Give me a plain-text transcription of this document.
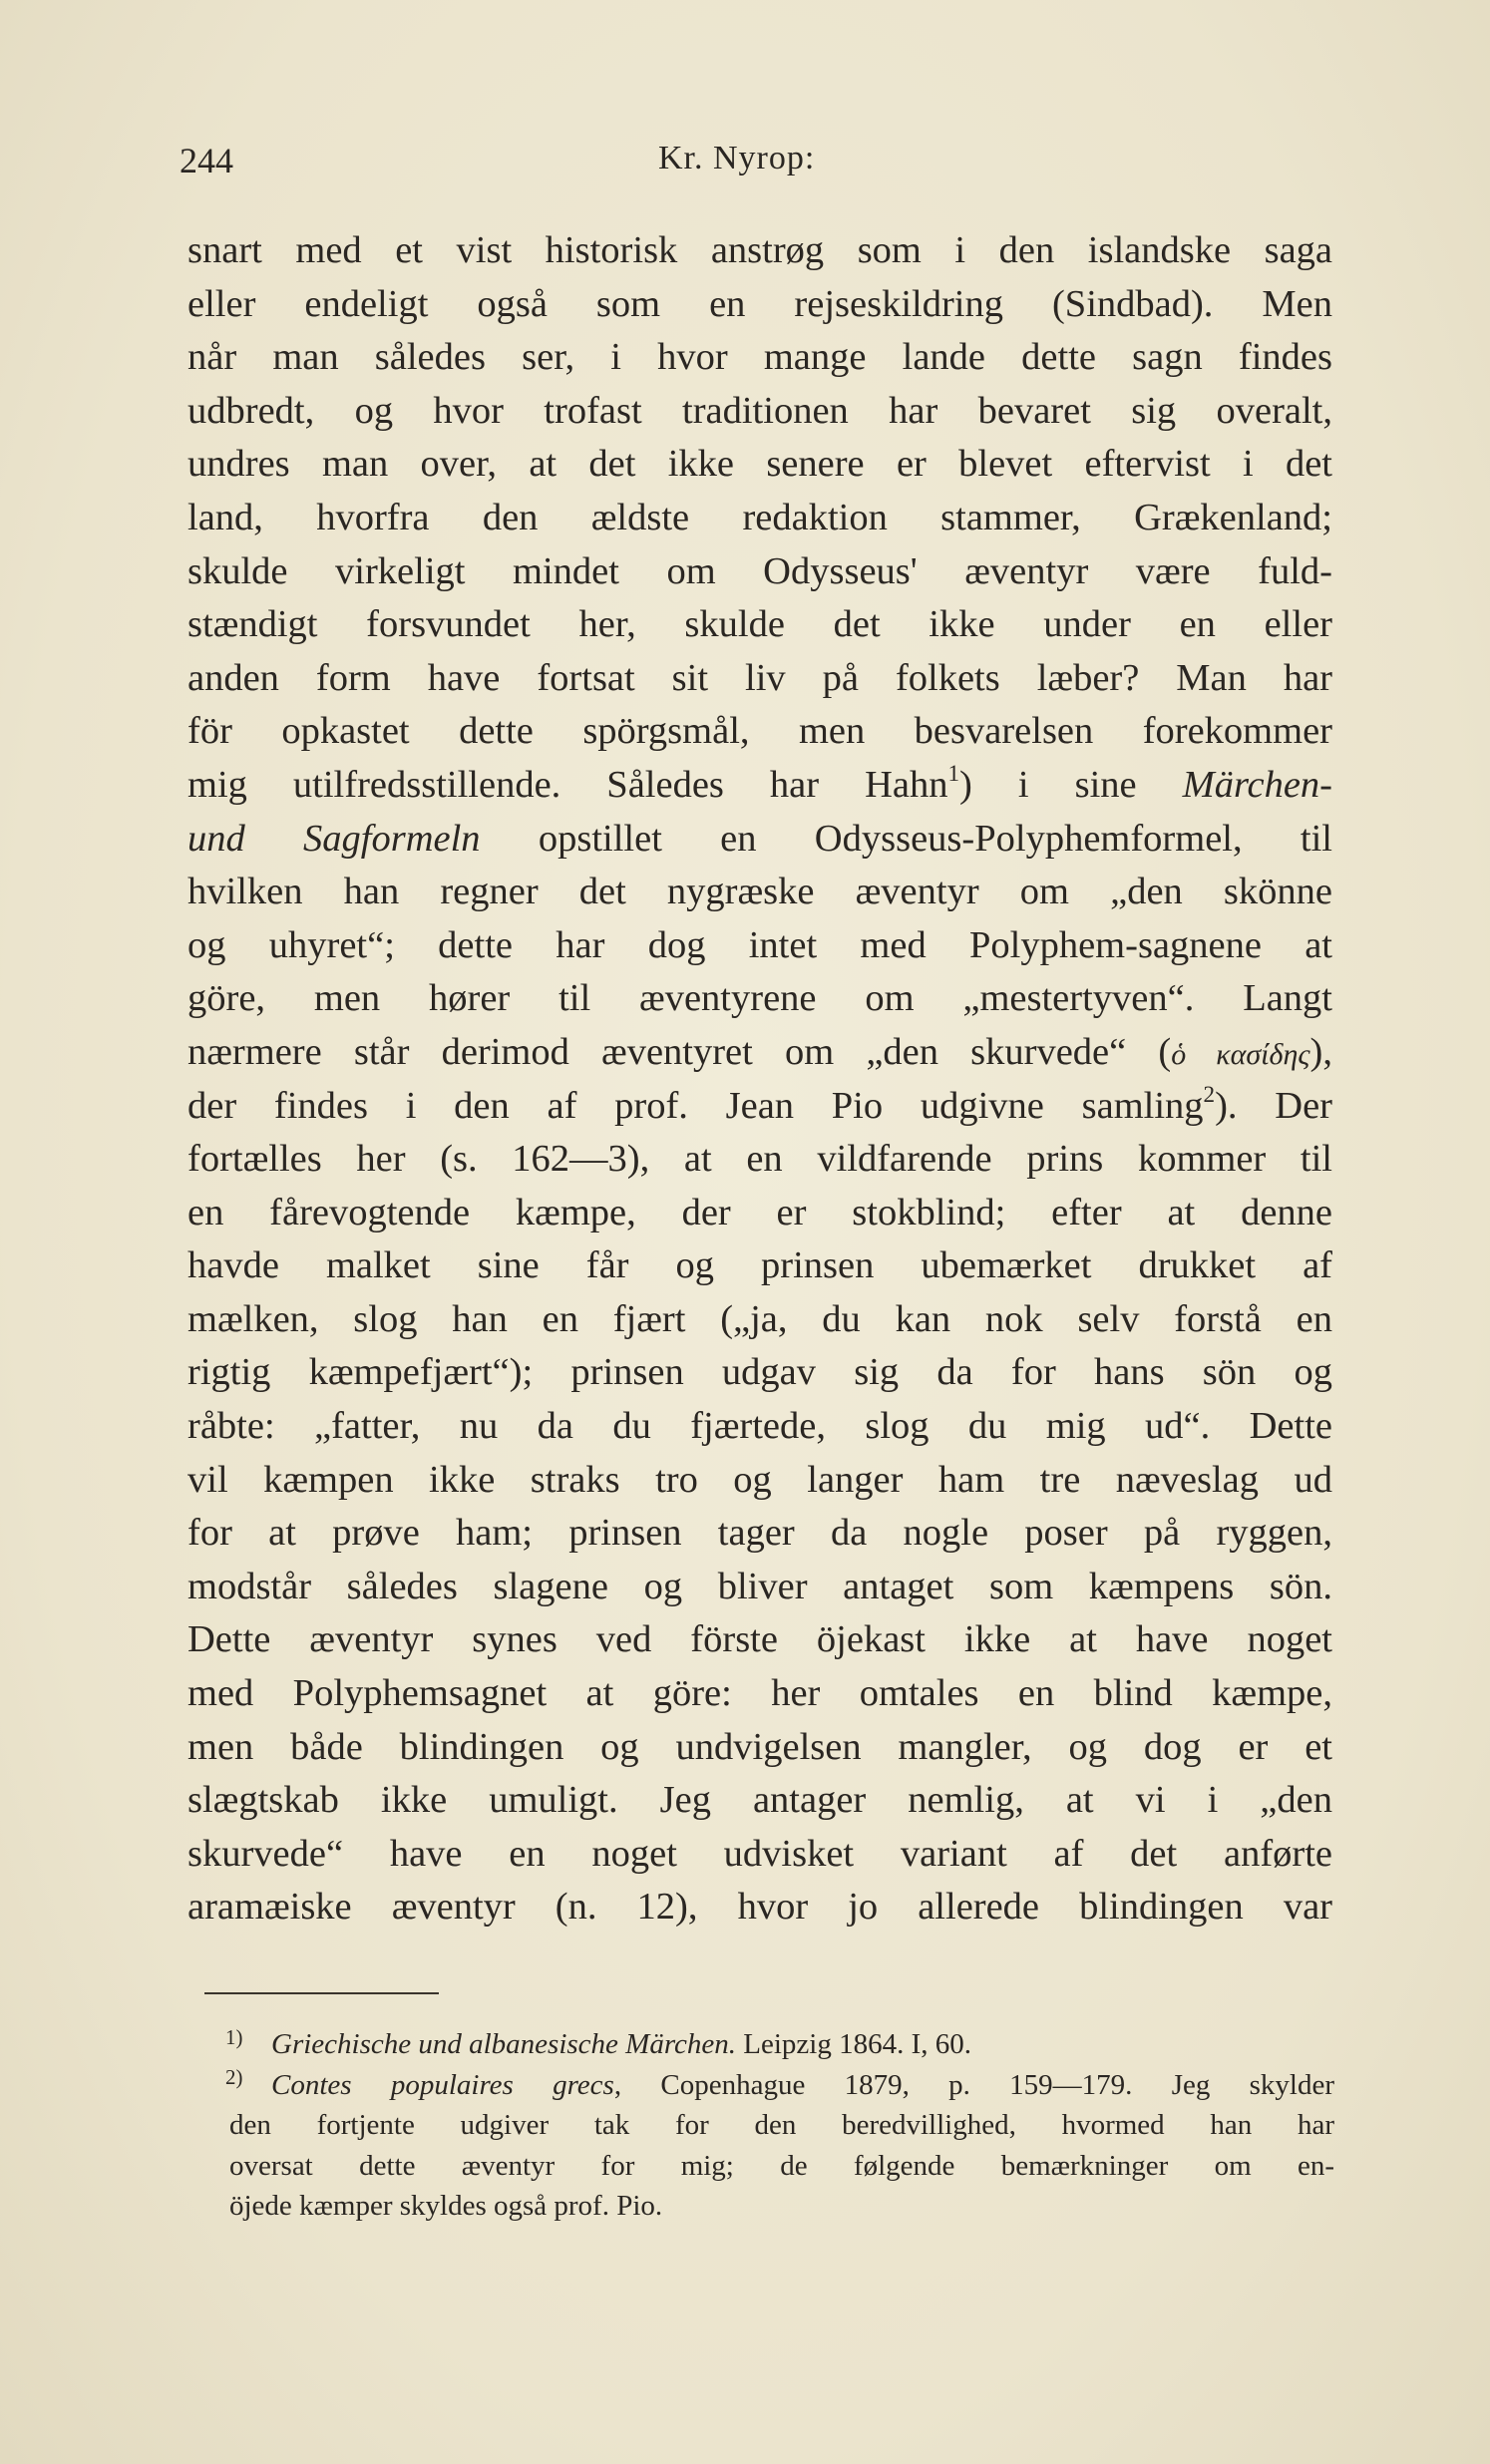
244	Kr. Nyrop:
snart med et vist historisk anstrøg som i den islandske saga
eller endeligt også som en rejseskildring (Sindbad). Men
når man således ser, i hvor mange lande dette sagn findes
udbredt, og hvor trofast traditionen har bevaret sig overalt,
undres man over, at det ikke senere er blevet eftervist i det
land, hvorfra den ældste redaktion stammer, Grækenland;
skulde virkeligt mindet om Odysseus' æventyr være fuld-
stændigt forsvundet her, skulde det ikke under en eller
anden form have fortsat sit liv på folkets læber? Man har
för opkastet dette spörgsmål, men besvarelsen forekommer
mig utilfredsstillende. Således har Hahn$^1$) i sine Märchen-
und Sagformeln opstillet en Odysseus-Polyphemformel, til
hvilken han regner det nygræske æventyr om „den skönne
og uhyret“; dette har dog intet med Polyphem-sagnene at
göre, men hører til æventyrene om „mestertyven“. Langt
nærmere står derimod æventyret om „den skurvede“ (ὁ κασίδης),
der findes i den af prof. Jean Pio udgivne samling$^2$). Der
fortælles her (s. 162—3), at en vildfarende prins kommer til
en fårevogtende kæmpe, der er stokblind; efter at denne
havde malket sine får og prinsen ubemærket drukket af
mælken, slog han en fjært („ja, du kan nok selv forstå en
rigtig kæmpefjært“); prinsen udgav sig da for hans sön og
råbte: „fatter, nu da du fjærtede, slog du mig ud“. Dette
vil kæmpen ikke straks tro og langer ham tre næveslag ud
for at prøve ham; prinsen tager da nogle poser på ryggen,
modstår således slagene og bliver antaget som kæmpens sön.
Dette æventyr synes ved förste öjekast ikke at have noget
med Polyphemsagnet at göre: her omtales en blind kæmpe,
men både blindingen og undvigelsen mangler, og dog er et
slægtskab ikke umuligt. Jeg antager nemlig, at vi i „den
skurvede“ have en noget udvisket variant af det anførte
aramæiske æventyr (n. 12), hvor jo allerede blindingen var
1) Griechische und albanesische Märchen. Leipzig 1864. I, 60.
2) Contes populaires grecs, Copenhague 1879, p. 159—179. Jeg skylder
den fortjente udgiver tak for den beredvillighed, hvormed han har
oversat dette æventyr for mig; de følgende bemærkninger om en-
öjede kæmper skyldes også prof. Pio.
